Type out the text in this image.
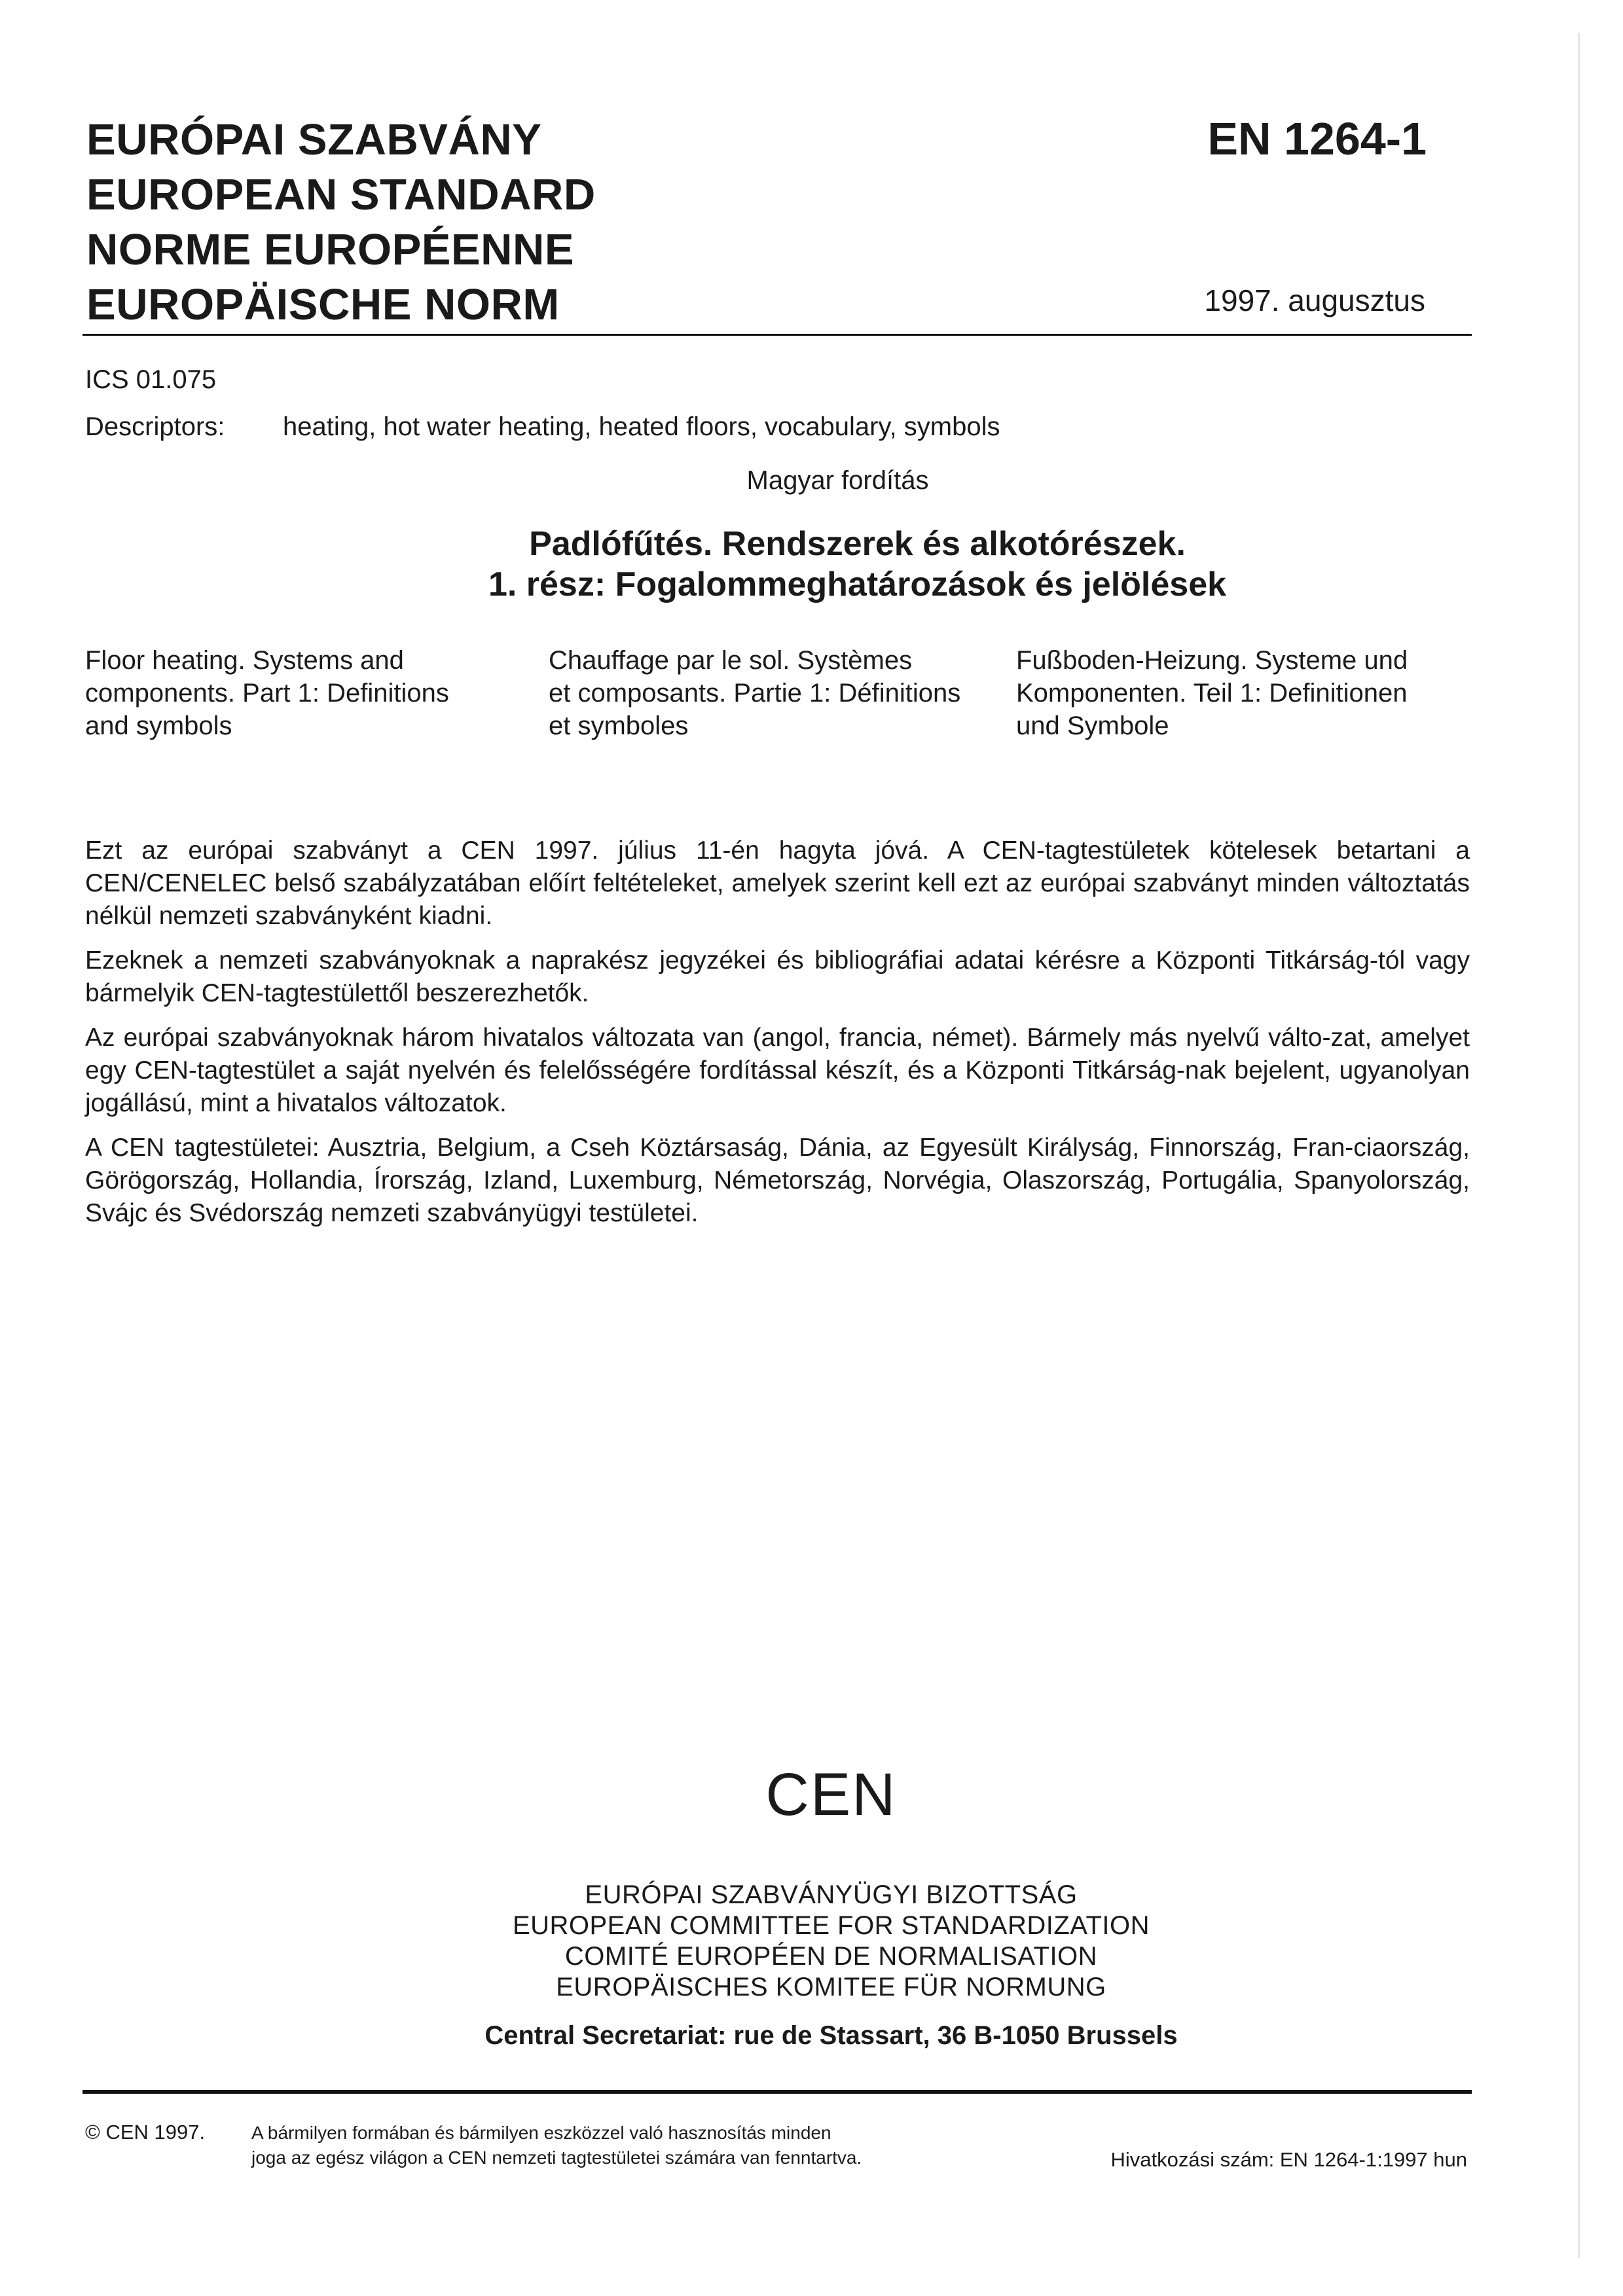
EURÓPAI SZABVÁNY
EUROPEAN STANDARD
NORME EUROPÉENNE
EUROPÄISCHE NORM
EN 1264-1
1997. augusztus
ICS 01.075
Descriptors: heating, hot water heating, heated floors, vocabulary, symbols
Magyar fordítás
Padlófűtés. Rendszerek és alkotórészek.
1. rész: Fogalommeghatározások és jelölések
Floor heating. Systems and
components. Part 1: Definitions
and symbols
Chauffage par le sol. Systèmes
et composants. Partie 1: Définitions
et symboles
Fußboden-Heizung. Systeme und
Komponenten. Teil 1: Definitionen
und Symbole

Ezt az európai szabványt a CEN 1997. július 11-én hagyta jóvá. A CEN-tagtestületek kötelesek betartani a CEN/CENELEC belső szabályzatában előírt feltételeket, amelyek szerint kell ezt az európai szabványt minden változtatás nélkül nemzeti szabványként kiadni.

Ezeknek a nemzeti szabványoknak a naprakész jegyzékei és bibliográfiai adatai kérésre a Központi Titkárság-tól vagy bármelyik CEN-tagtestülettől beszerezhetők.

Az európai szabványoknak három hivatalos változata van (angol, francia, német). Bármely más nyelvű válto-zat, amelyet egy CEN-tagtestület a saját nyelvén és felelősségére fordítással készít, és a Központi Titkárság-nak bejelent, ugyanolyan jogállású, mint a hivatalos változatok.

A CEN tagtestületei: Ausztria, Belgium, a Cseh Köztársaság, Dánia, az Egyesült Királyság, Finnország, Fran-ciaország, Görögország, Hollandia, Írország, Izland, Luxemburg, Németország, Norvégia, Olaszország, Portugália, Spanyolország, Svájc és Svédország nemzeti szabványügyi testületei.

CEN
EURÓPAI SZABVÁNYÜGYI BIZOTTSÁG
EUROPEAN COMMITTEE FOR STANDARDIZATION
COMITÉ EUROPÉEN DE NORMALISATION
EUROPÄISCHES KOMITEE FÜR NORMUNG
Central Secretariat: rue de Stassart, 36 B-1050 Brussels
© CEN 1997.	A bármilyen formában és bármilyen eszközzel való hasznosítás minden
joga az egész világon a CEN nemzeti tagtestületei számára van fenntartva.	Hivatkozási szám: EN 1264-1:1997 hun
